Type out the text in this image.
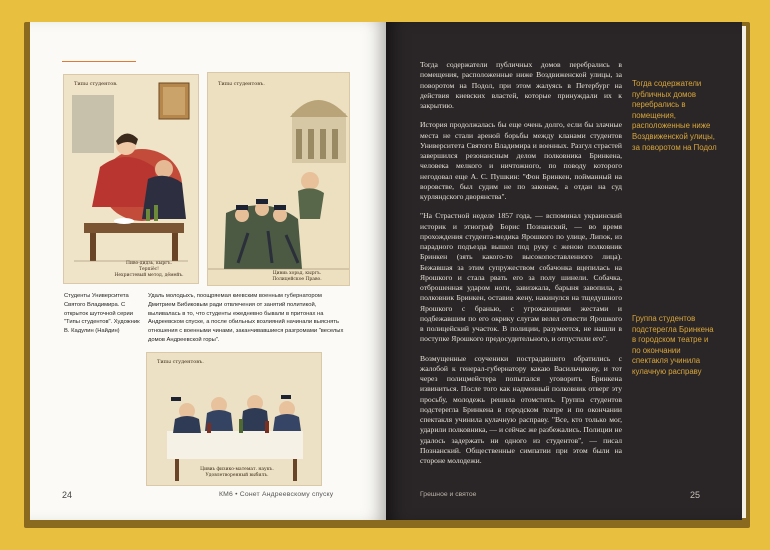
Типы студентов.
Пиво-дидзь, кыргъ.
Терпіёс!
Нехристевый метод, дёмейъ.
Типы студентовъ.
Цивиь хорьд, кыргъ.
Полицейское Право.
Типы студентовъ.
Цивиь физико-математ. наукъ.
Удовлетворенный выбилъ.
Студенты Университета Святого Владимира. С открыток шуточной серии "Типы студентов". Художник В. Кадулин (Найдин)
Удаль молодыхъ, поощряемая киевским военным губернатором Дмитрием Бибиковым ради отвлечения от занятий политикой, выливалась в то, что студенты ежедневно бывали в притонах на Андреевском спуске, а после обильных возлияний начинали выяснять отношения с военными чинами, заканчивавшиеся разгромами "веселых домов Андреевской горы".
24	КМ6 • Сонет Андреевскому спуску

Тогда содержатели публичных домов перебрались в помещения, расположенные ниже Воздвиженской улицы, за поворотом на Подол, при этом жалуясь в Петербург на действия киевских властей, которые принуждали их к закрытию.

История продолжалась бы еще очень долго, если бы злачные места не стали ареной борьбы между кланами студентов Университета Святого Владимира и военных. Разгул страстей завершился резонансным делом полковника Бринкена, человека мелкого и ничтожного, по поводу которого негодовал еще А. С. Пушкин: "Фон Бринкен, пойманный на воровстве, был судим не по законам, а отдан на суд курляндского дворянства".

"На Страстной неделе 1857 года, — вспоминал украинский историк и этнограф Борис Познанский, — во время прохождения студента-медика Ярошкого по улице, Липок, из парадного подъезда вышел под руку с женою полковник Бринкен (зять какого-то высокопоставленного лица). Бежавшая за этим супружеством собачонка вцепилась на Ярошкого и стала рвать его за полу шинели. Собачка, отброшенная ударом ноги, завизжала, барыня завопила, а полковник Бринкен, оставив жену, накинулся на тщедушного Ярошкого с бранью, с угрожающими жестами и подбежавшим по его окрику слугам велел отвести Ярошкого в полицейский участок. В полиции, разумеется, не нашли в поступке Ярошкого предосудительного, и отпустили его".

Возмущенные соученики пострадавшего обратились с жалобой к генерал-губернатору какаю Васильчикову, и тот через полицмейстера попытался уговорить Бринкена извиниться. После того как надменный полковник отверг эту просьбу, молодежь решила отомстить. Группа студентов подстерегла Бринкена в городском театре и по окончании спектакля учинила кулачную расправу. "Все, кто только мог, ударили полковника, — и сейчас же разбежались. Полиции не удалось задержать ни одного из студентов", — писал Познанский. Общественные симпатии при этом были на стороне молодежи.

Тогда содержатели публичных домов перебрались в помещения, расположенные ниже Воздвиженской улицы, за поворотом на Подол
Группа студентов подстерегла Бринкена в городском театре и по окончании спектакля учинила кулачную расправу
Грешное и святое	25
